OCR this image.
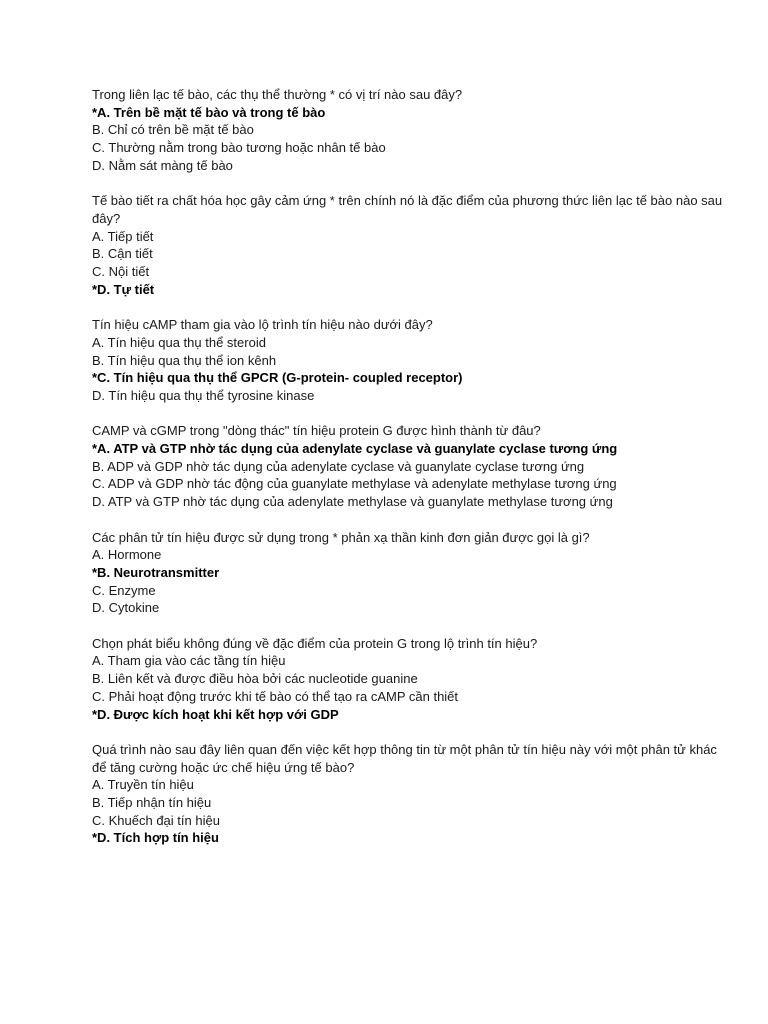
Trong liên lạc tế bào, các thụ thể thường * có vị trí nào sau đây?
*A. Trên bề mặt tế bào và trong tế bào
B. Chỉ có trên bề mặt tế bào
C. Thường nằm trong bào tương hoặc nhân tế bào
D. Nằm sát màng tế bào
Tế bào tiết ra chất hóa học gây cảm ứng * trên chính nó là đặc điểm của phương thức liên lạc tế bào nào sau đây?
A. Tiếp tiết
B. Cận tiết
C. Nội tiết
*D. Tự tiết
Tín hiệu cAMP tham gia vào lộ trình tín hiệu nào dưới đây?
A. Tín hiệu qua thụ thể steroid
B. Tín hiệu qua thụ thể ion kênh
*C. Tín hiệu qua thụ thể GPCR (G-protein- coupled receptor)
D. Tín hiệu qua thụ thể tyrosine kinase
CAMP và cGMP trong "dòng thác" tín hiệu protein G được hình thành từ đâu?
*A. ATP và GTP nhờ tác dụng của adenylate cyclase và guanylate cyclase tương ứng
B. ADP và GDP nhờ tác dụng của adenylate cyclase và guanylate cyclase tương ứng
C. ADP và GDP nhờ tác động của guanylate methylase và adenylate methylase tương ứng
D. ATP và GTP nhờ tác dụng của adenylate methylase và guanylate methylase tương ứng
Các phân tử tín hiệu được sử dụng trong * phản xạ thần kinh đơn giản được gọi là gì?
A. Hormone
*B. Neurotransmitter
C. Enzyme
D. Cytokine
Chọn phát biểu không đúng về đặc điểm của protein G trong lộ trình tín hiệu?
A. Tham gia vào các tầng tín hiệu
B. Liên kết và được điều hòa bởi các nucleotide guanine
C. Phải hoạt động trước khi tế bào có thể tạo ra cAMP cần thiết
*D. Được kích hoạt khi kết hợp với GDP
Quá trình nào sau đây liên quan đến việc kết hợp thông tin từ một phân tử tín hiệu này với một phân tử khác để tăng cường hoặc ức chế hiệu ứng tế bào?
A. Truyền tín hiệu
B. Tiếp nhận tín hiệu
C. Khuếch đại tín hiệu
*D. Tích hợp tín hiệu
